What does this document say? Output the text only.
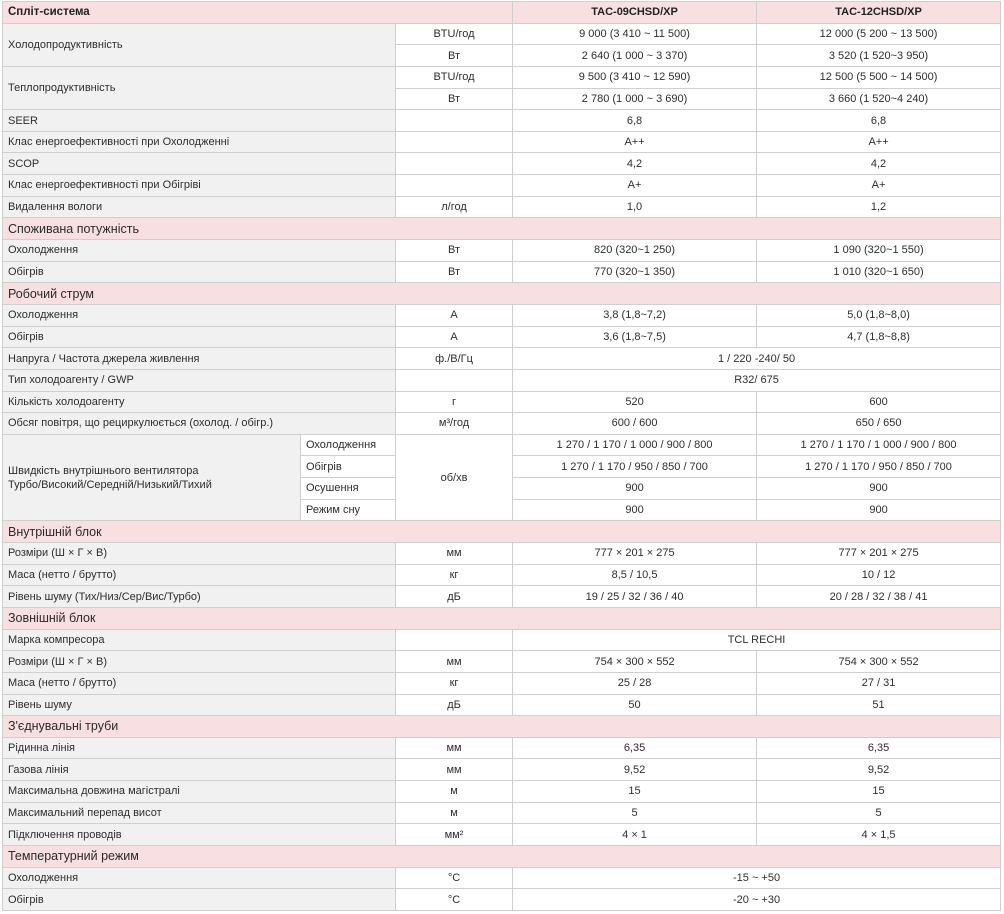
Спліт-система			TAC-09CHSD/XP	TAC-12CHSD/XP
Холодопродуктивність		BTU/год	9 000 (3 410 ~ 11 500)	12 000 (5 200 ~ 13 500)
		Вт	2 640 (1 000 ~ 3 370)	3 520 (1 520~3 950)
Теплопродуктивність		BTU/год	9 500 (3 410 ~ 12 590)	12 500 (5 500 ~ 14 500)
		Вт	2 780 (1 000 ~ 3 690)	3 660 (1 520~4 240)
SEER			6,8	6,8
Клас енергоефективності при Охолодженні			A++	A++
SCOP			4,2	4,2
Клас енергоефективності при Обігріві			A+	A+
Видалення вологи		л/год	1,0	1,2
Споживана потужність				
Охолодження		Вт	820 (320~1 250)	1 090 (320~1 550)
Обігрів		Вт	770 (320~1 350)	1 010 (320~1 650)
Робочий струм				
Охолодження		A	3,8 (1,8~7,2)	5,0 (1,8~8,0)
Обігрів		A	3,6 (1,8~7,5)	4,7 (1,8~8,8)
Напруга / Частота джерела живлення		ф./В/Гц	1 / 220 -240/ 50	
Тип холодоагенту / GWP			R32/ 675	
Кількість холодоагенту		г	520	600
Обсяг повітря, що рециркулюється (охолод. / обігр.)		м³/год	600 / 600	650 / 650

Швидкість внутрішнього вентилятора
Турбо/Високий/Середній/Низький/Тихий	Охолодження	об/хв	1 270 / 1 170 / 1 000 / 900 / 800	1 270 / 1 170 / 1 000 / 900 / 800
	Обігрів		1 270 / 1 170 / 950 / 850 / 700	1 270 / 1 170 / 950 / 850 / 700
	Осушення		900	900
	Режим сну		900	900
Внутрішній блок				
Розміри (Ш × Г × В)		мм	777 × 201 × 275	777 × 201 × 275
Маса (нетто / брутто)		кг	8,5 / 10,5	10 / 12
Рівень шуму (Тих/Низ/Сер/Вис/Турбо)		дБ	19 / 25 / 32 / 36 / 40	20 / 28 / 32 / 38 / 41
Зовнішній блок				
Марка компресора			TCL RECHI	
Розміри (Ш × Г × В)		мм	754 × 300 × 552	754 × 300 × 552
Маса (нетто / брутто)		кг	25 / 28	27 / 31
Рівень шуму		дБ	50	51
З'єднувальні труби				
Рідинна лінія		мм	6,35	6,35
Газова лінія		мм	9,52	9,52
Максимальна довжина магістралі		м	15	15
Максимальний перепад висот		м	5	5
Підключення проводів		мм²	4 × 1	4 × 1,5
Температурний режим				
Охолодження		°C	-15 ~ +50	
Обігрів		°C	-20 ~ +30	
